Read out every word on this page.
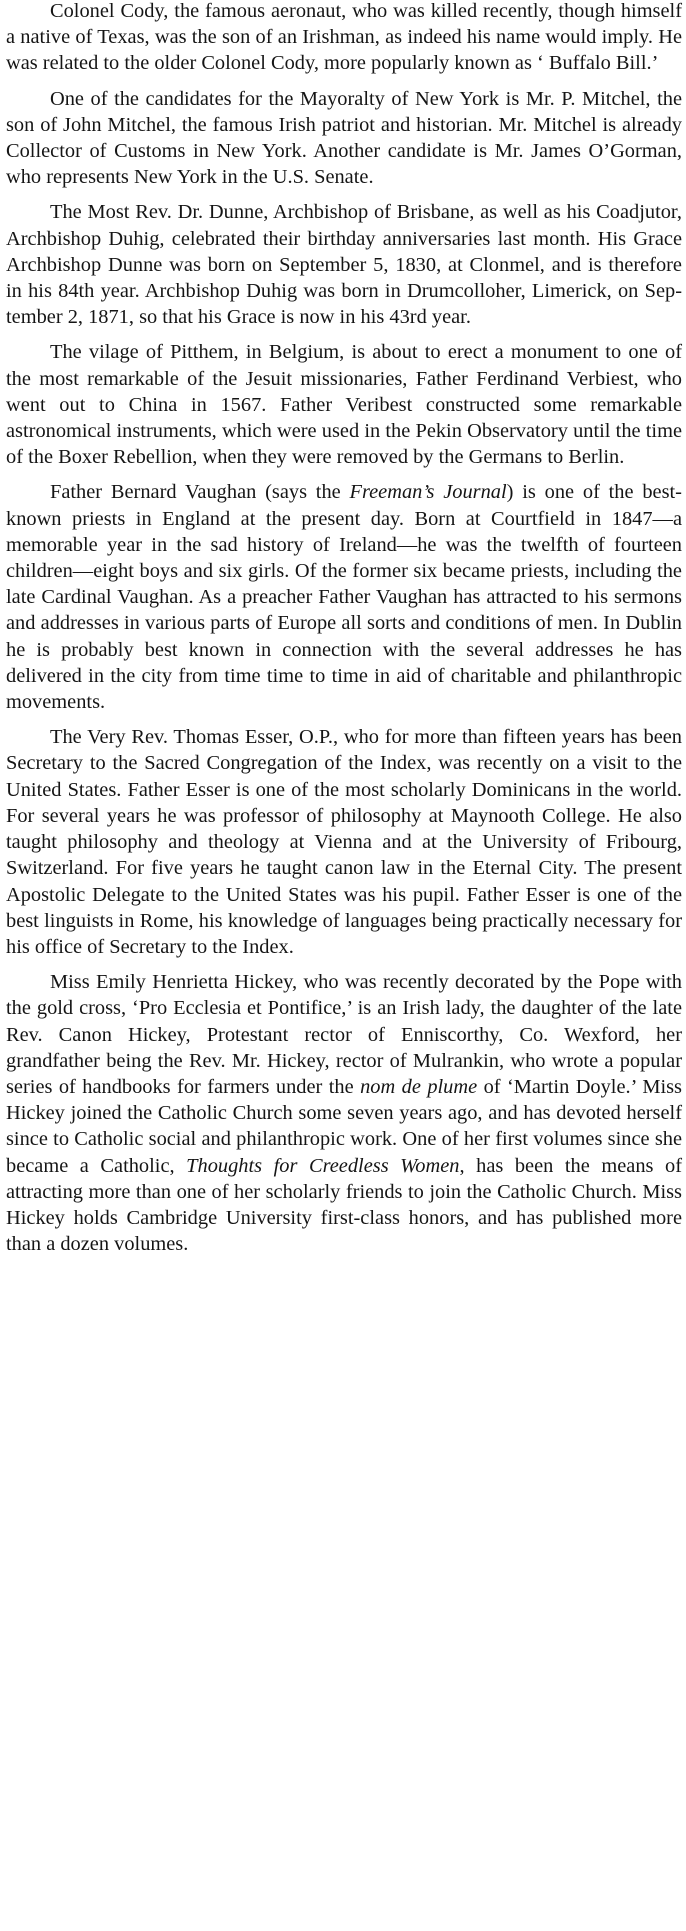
Colonel Cody, the famous aeronaut, who was killed recently, though himself a native of Texas, was the son of an Irishman, as indeed his name would imply. He was related to the older Colonel Cody, more popularly known as ‘ Buffalo Bill.’

One of the candidates for the Mayoralty of New York is Mr. P. Mitchel, the son of John Mitchel, the famous Irish patriot and historian. Mr. Mitchel is already Collector of Customs in New York. Another candidate is Mr. James O’Gorman, who represents New York in the U.S. Senate.

The Most Rev. Dr. Dunne, Archbishop of Brisbane, as well as his Coadjutor, Archbishop Duhig, celebrated their birthday anniversaries last month. His Grace Archbishop Dunne was born on September 5, 1830, at Clonmel, and is therefore in his 84th year. Archbishop Duhig was born in Drumcolloher, Limerick, on September 2, 1871, so that his Grace is now in his 43rd year.

The vilage of Pitthem, in Belgium, is about to erect a monument to one of the most remarkable of the Jesuit missionaries, Father Ferdinand Verbiest, who went out to China in 1567. Father Veribest constructed some remarkable astronomical instruments, which were used in the Pekin Observatory until the time of the Boxer Rebellion, when they were removed by the Germans to Berlin.

Father Bernard Vaughan (says the Freeman’s Journal) is one of the best-known priests in England at the present day. Born at Courtfield in 1847—a memorable year in the sad history of Ireland—he was the twelfth of fourteen children—eight boys and six girls. Of the former six became priests, including the late Cardinal Vaughan. As a preacher Father Vaughan has attracted to his sermons and addresses in various parts of Europe all sorts and conditions of men. In Dublin he is probably best known in connection with the several addresses he has delivered in the city from time time to time in aid of charitable and philanthropic movements.

The Very Rev. Thomas Esser, O.P., who for more than fifteen years has been Secretary to the Sacred Congregation of the Index, was recently on a visit to the United States. Father Esser is one of the most scholarly Dominicans in the world. For several years he was professor of philosophy at Maynooth College. He also taught philosophy and theology at Vienna and at the University of Fribourg, Switzerland. For five years he taught canon law in the Eternal City. The present Apostolic Delegate to the United States was his pupil. Father Esser is one of the best linguists in Rome, his knowledge of languages being practically necessary for his office of Secretary to the Index.

Miss Emily Henrietta Hickey, who was recently decorated by the Pope with the gold cross, ‘Pro Ecclesia et Pontifice,’ is an Irish lady, the daughter of the late Rev. Canon Hickey, Protestant rector of Enniscorthy, Co. Wexford, her grandfather being the Rev. Mr. Hickey, rector of Mulrankin, who wrote a popular series of handbooks for farmers under the nom de plume of ‘Martin Doyle.’ Miss Hickey joined the Catholic Church some seven years ago, and has devoted herself since to Catholic social and philanthropic work. One of her first volumes since she became a Catholic, Thoughts for Creedless Women, has been the means of attracting more than one of her scholarly friends to join the Catholic Church. Miss Hickey holds Cambridge University first-class honors, and has published more than a dozen volumes.
